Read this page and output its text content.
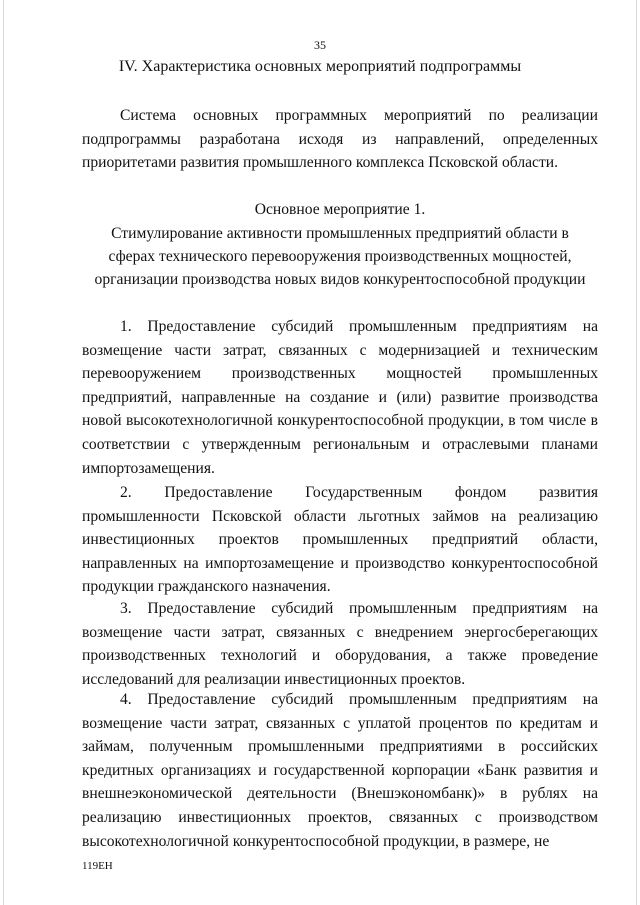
35
IV. Характеристика основных мероприятий подпрограммы

Система основных программных мероприятий по реализации подпрограммы разработана исходя из направлений, определенных приоритетами развития промышленного комплекса Псковской области.

Основное мероприятие 1.

Стимулирование активности промышленных предприятий области в

сферах технического перевооружения производственных мощностей,

организации производства новых видов конкурентоспособной продукции

1. Предоставление субсидий промышленным предприятиям на возмещение части затрат, связанных с модернизацией и техническим перевооружением производственных мощностей промышленных предприятий, направленные на создание и (или) развитие производства новой высокотехнологичной конкурентоспособной продукции, в том числе в соответствии с утвержденным региональным и отраслевыми планами импортозамещения.

2. Предоставление Государственным фондом развития промышленности Псковской области льготных займов на реализацию инвестиционных проектов промышленных предприятий области, направленных на импортозамещение и производство конкурентоспособной продукции гражданского назначения.

3. Предоставление субсидий промышленным предприятиям на возмещение части затрат, связанных с внедрением энергосберегающих производственных технологий и оборудования, а также проведение исследований для реализации инвестиционных проектов.

4. Предоставление субсидий промышленным предприятиям на возмещение части затрат, связанных с уплатой процентов по кредитам и займам, полученным промышленными предприятиями в российских кредитных организациях и государственной корпорации «Банк развития и внешнеэкономической деятельности (Внешэкономбанк)» в рублях на реализацию инвестиционных проектов, связанных с производством высокотехнологичной конкурентоспособной продукции, в размере, не

119ЕН
